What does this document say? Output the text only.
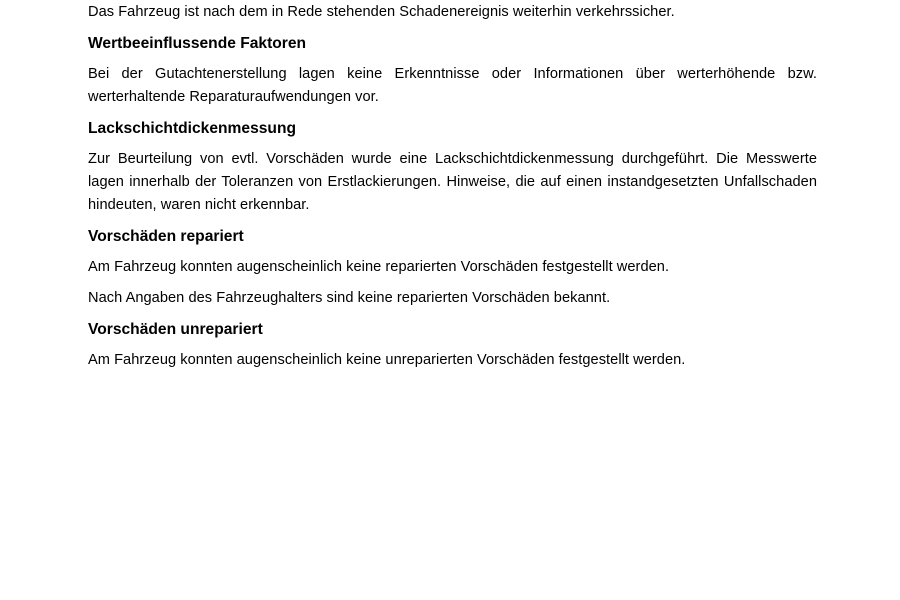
Das Fahrzeug ist nach dem in Rede stehenden Schadenereignis weiterhin verkehrssicher.

Wertbeeinflussende Faktoren

Bei der Gutachtenerstellung lagen keine Erkenntnisse oder Informationen über werterhöhende bzw. werterhaltende Reparaturaufwendungen vor.

Lackschichtdickenmessung

Zur Beurteilung von evtl. Vorschäden wurde eine Lackschichtdickenmessung durchgeführt. Die Messwerte lagen innerhalb der Toleranzen von Erstlackierungen. Hinweise, die auf einen instandgesetzten Unfallschaden hindeuten, waren nicht erkennbar.

Vorschäden repariert

Am Fahrzeug konnten augenscheinlich keine reparierten Vorschäden festgestellt werden.

Nach Angaben des Fahrzeughalters sind keine reparierten Vorschäden bekannt.

Vorschäden unrepariert

Am Fahrzeug konnten augenscheinlich keine unreparierten Vorschäden festgestellt werden.
